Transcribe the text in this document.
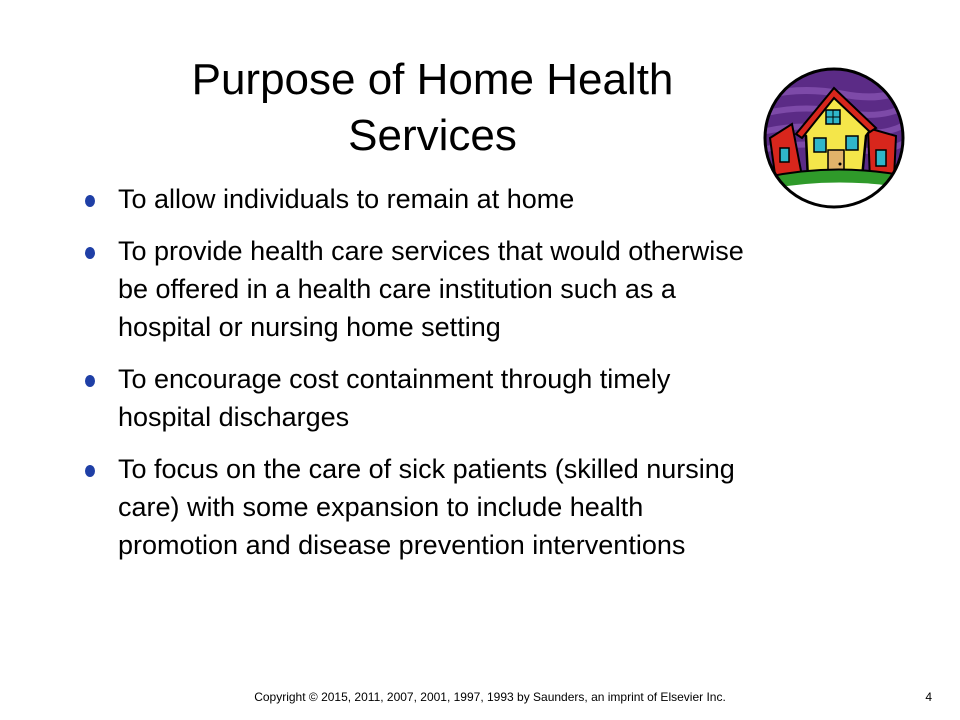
Purpose of Home Health Services
To allow individuals to remain at home
To provide health care services that would otherwise be offered in a health care institution such as a hospital or nursing home setting
To encourage cost containment through timely hospital discharges
To focus on the care of sick patients (skilled nursing care) with some expansion to include health promotion and disease prevention interventions
Copyright © 2015, 2011, 2007, 2001, 1997, 1993 by Saunders, an imprint of Elsevier Inc.	4
